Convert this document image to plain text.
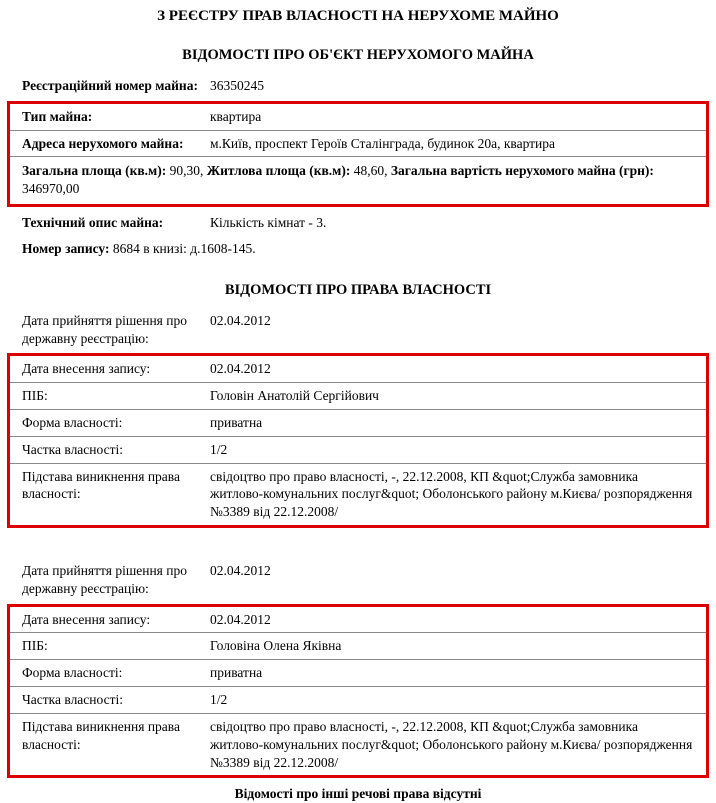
З РЕЄСТРУ ПРАВ ВЛАСНОСТІ НА НЕРУХОМЕ МАЙНО
ВІДОМОСТІ ПРО ОБ'ЄКТ НЕРУХОМОГО МАЙНА
Реєстраційний номер майна: 36350245
Тип майна:	квартира
Адреса нерухомого майна:	м.Київ, проспект Героїв Сталінграда, будинок 20а, квартира
Загальна площа (кв.м): 90,30, Житлова площа (кв.м): 48,60, Загальна вартість нерухомого майна (грн): 346970,00
Технічний опис майна:	Кількість кімнат - 3.
Номер запису: 8684 в книзі: д.1608-145.
ВІДОМОСТІ ПРО ПРАВА ВЛАСНОСТІ
Дата прийняття рішення про державну реєстрацію:
02.04.2012
Дата внесення запису:	02.04.2012
ПІБ:	Головін Анатолій Сергійович
Форма власності:	приватна
Частка власності:	1/2
Підстава виникнення права власності:
свідоцтво про право власності, -, 22.12.2008, КП &quot;Служба замовника житлово-комунальних послуг&quot; Оболонського району м.Києва/ розпорядження №3389 від 22.12.2008/
Дата прийняття рішення про державну реєстрацію:
02.04.2012
Дата внесення запису:	02.04.2012
ПІБ:	Головіна Олена Яківна
Форма власності:	приватна
Частка власності:	1/2
Підстава виникнення права власності:
свідоцтво про право власності, -, 22.12.2008, КП &quot;Служба замовника житлово-комунальних послуг&quot; Оболонського району м.Києва/ розпорядження №3389 від 22.12.2008/
Відомості про інші речові права відсутні
